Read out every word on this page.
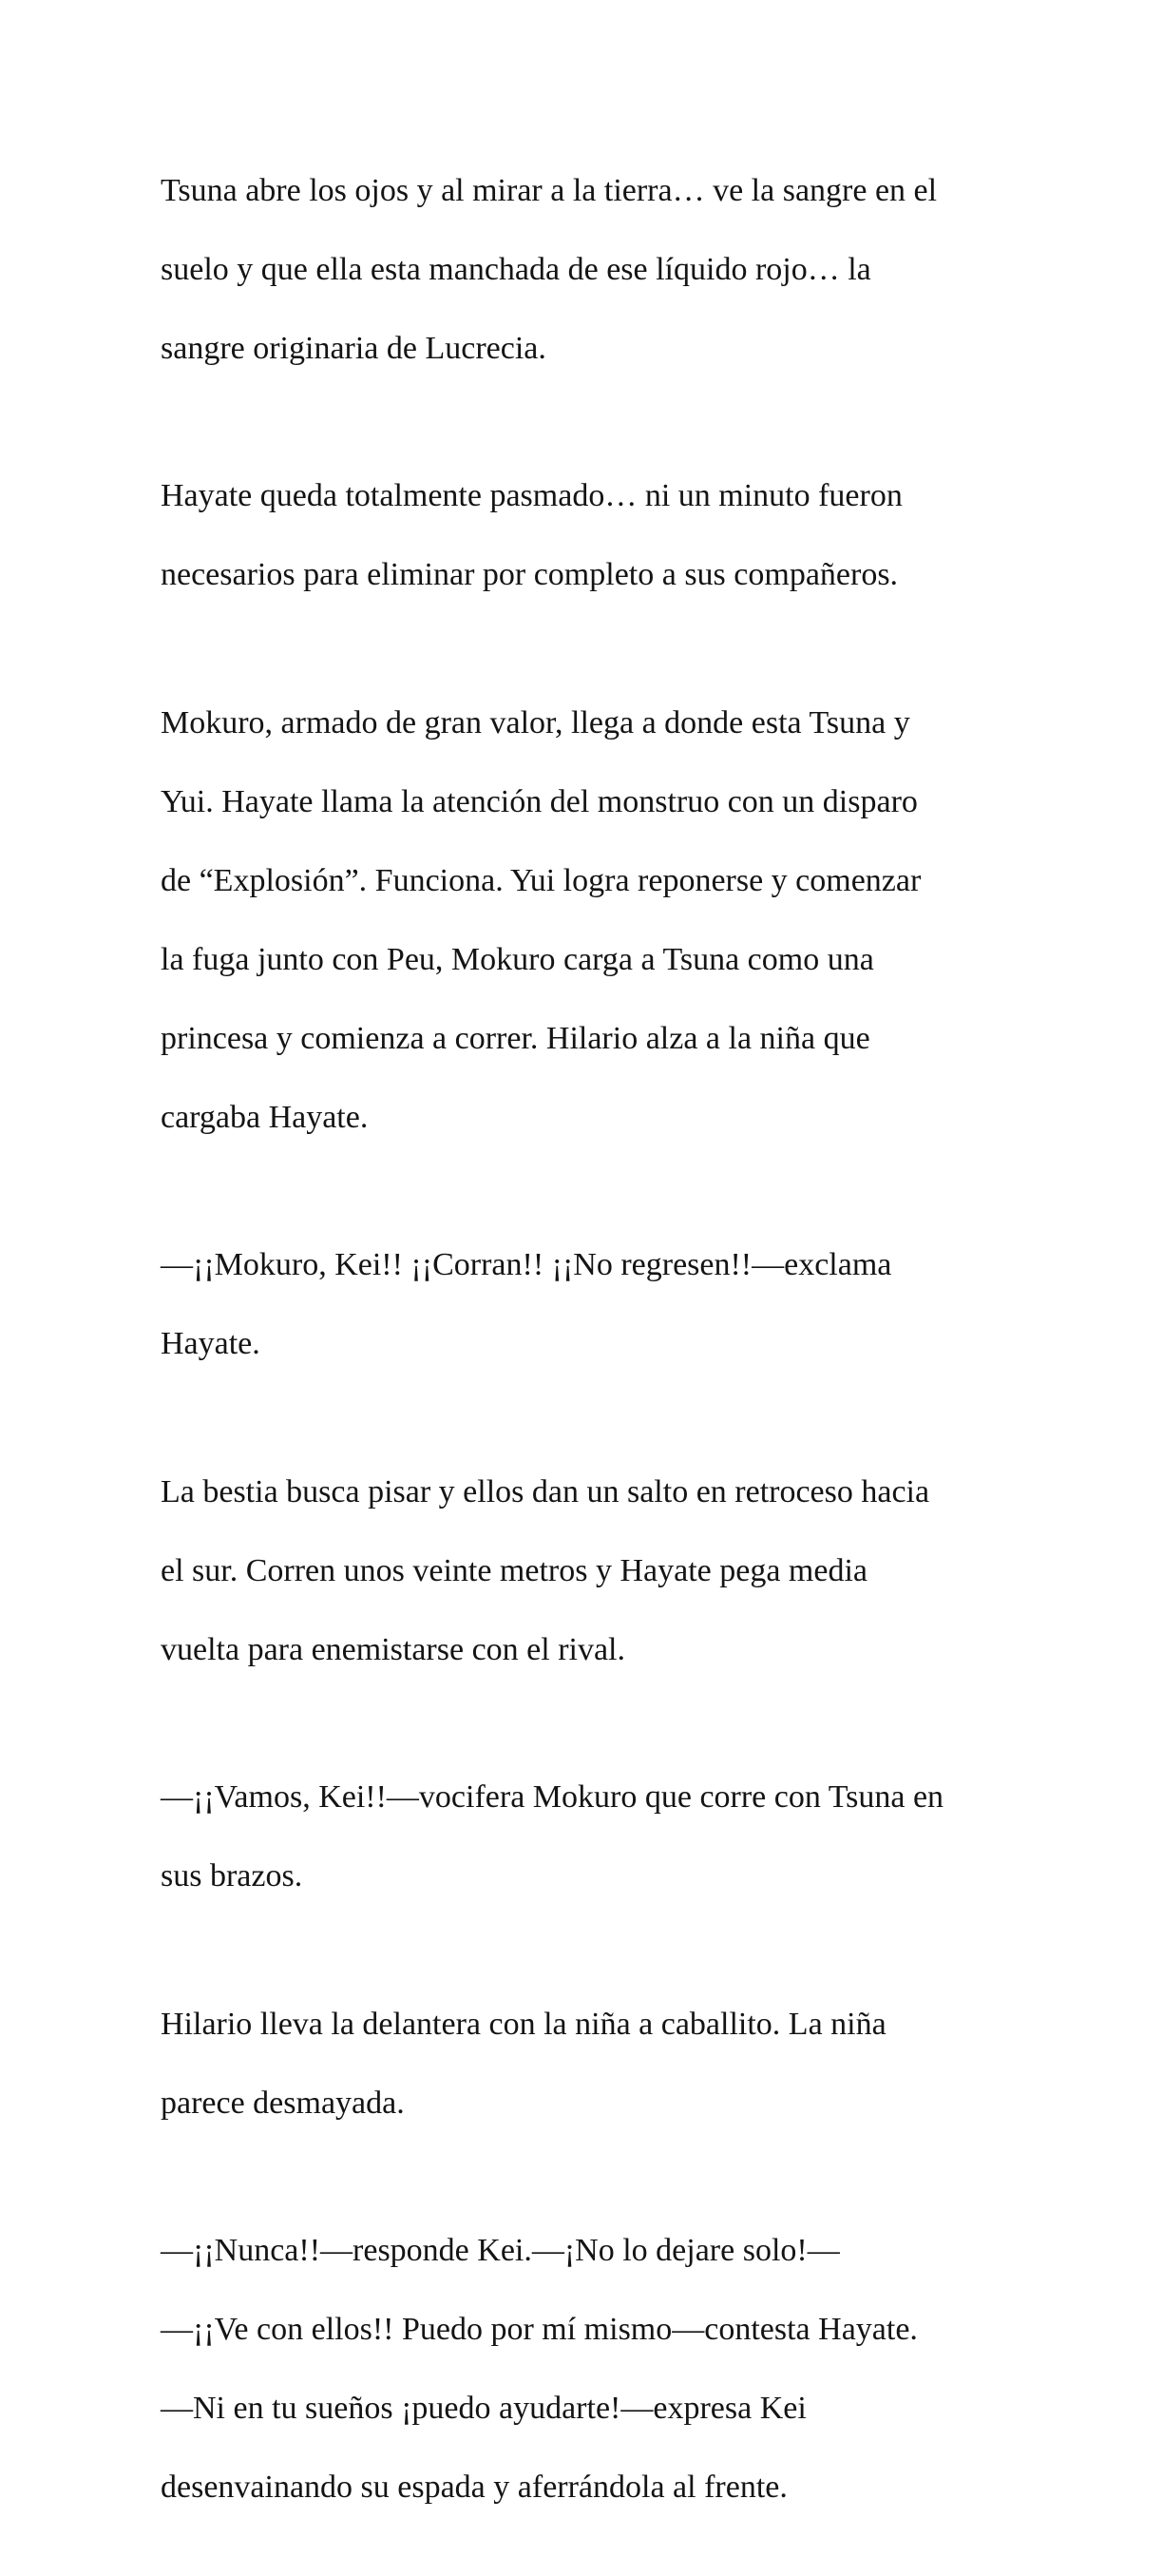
Tsuna abre los ojos y al mirar a la tierra… ve la sangre en el

suelo y que ella esta manchada de ese líquido rojo… la

sangre originaria de Lucrecia.

Hayate queda totalmente pasmado… ni un minuto fueron

necesarios para eliminar por completo a sus compañeros.

Mokuro, armado de gran valor, llega a donde esta Tsuna y

Yui. Hayate llama la atención del monstruo con un disparo

de “Explosión”. Funciona. Yui logra reponerse y comenzar

la fuga junto con Peu, Mokuro carga a Tsuna como una

princesa y comienza a correr. Hilario alza a la niña que

cargaba Hayate.

—¡¡Mokuro, Kei!! ¡¡Corran!! ¡¡No regresen!!—exclama

Hayate.

La bestia busca pisar y ellos dan un salto en retroceso hacia

el sur. Corren unos veinte metros y Hayate pega media

vuelta para enemistarse con el rival.

—¡¡Vamos, Kei!!—vocifera Mokuro que corre con Tsuna en

sus brazos.

Hilario lleva la delantera con la niña a caballito. La niña

parece desmayada.

—¡¡Nunca!!—responde Kei.—¡No lo dejare solo!—

—¡¡Ve con ellos!! Puedo por mí mismo—contesta Hayate.

—Ni en tu sueños ¡puedo ayudarte!—expresa Kei

desenvainando su espada y aferrándola al frente.
